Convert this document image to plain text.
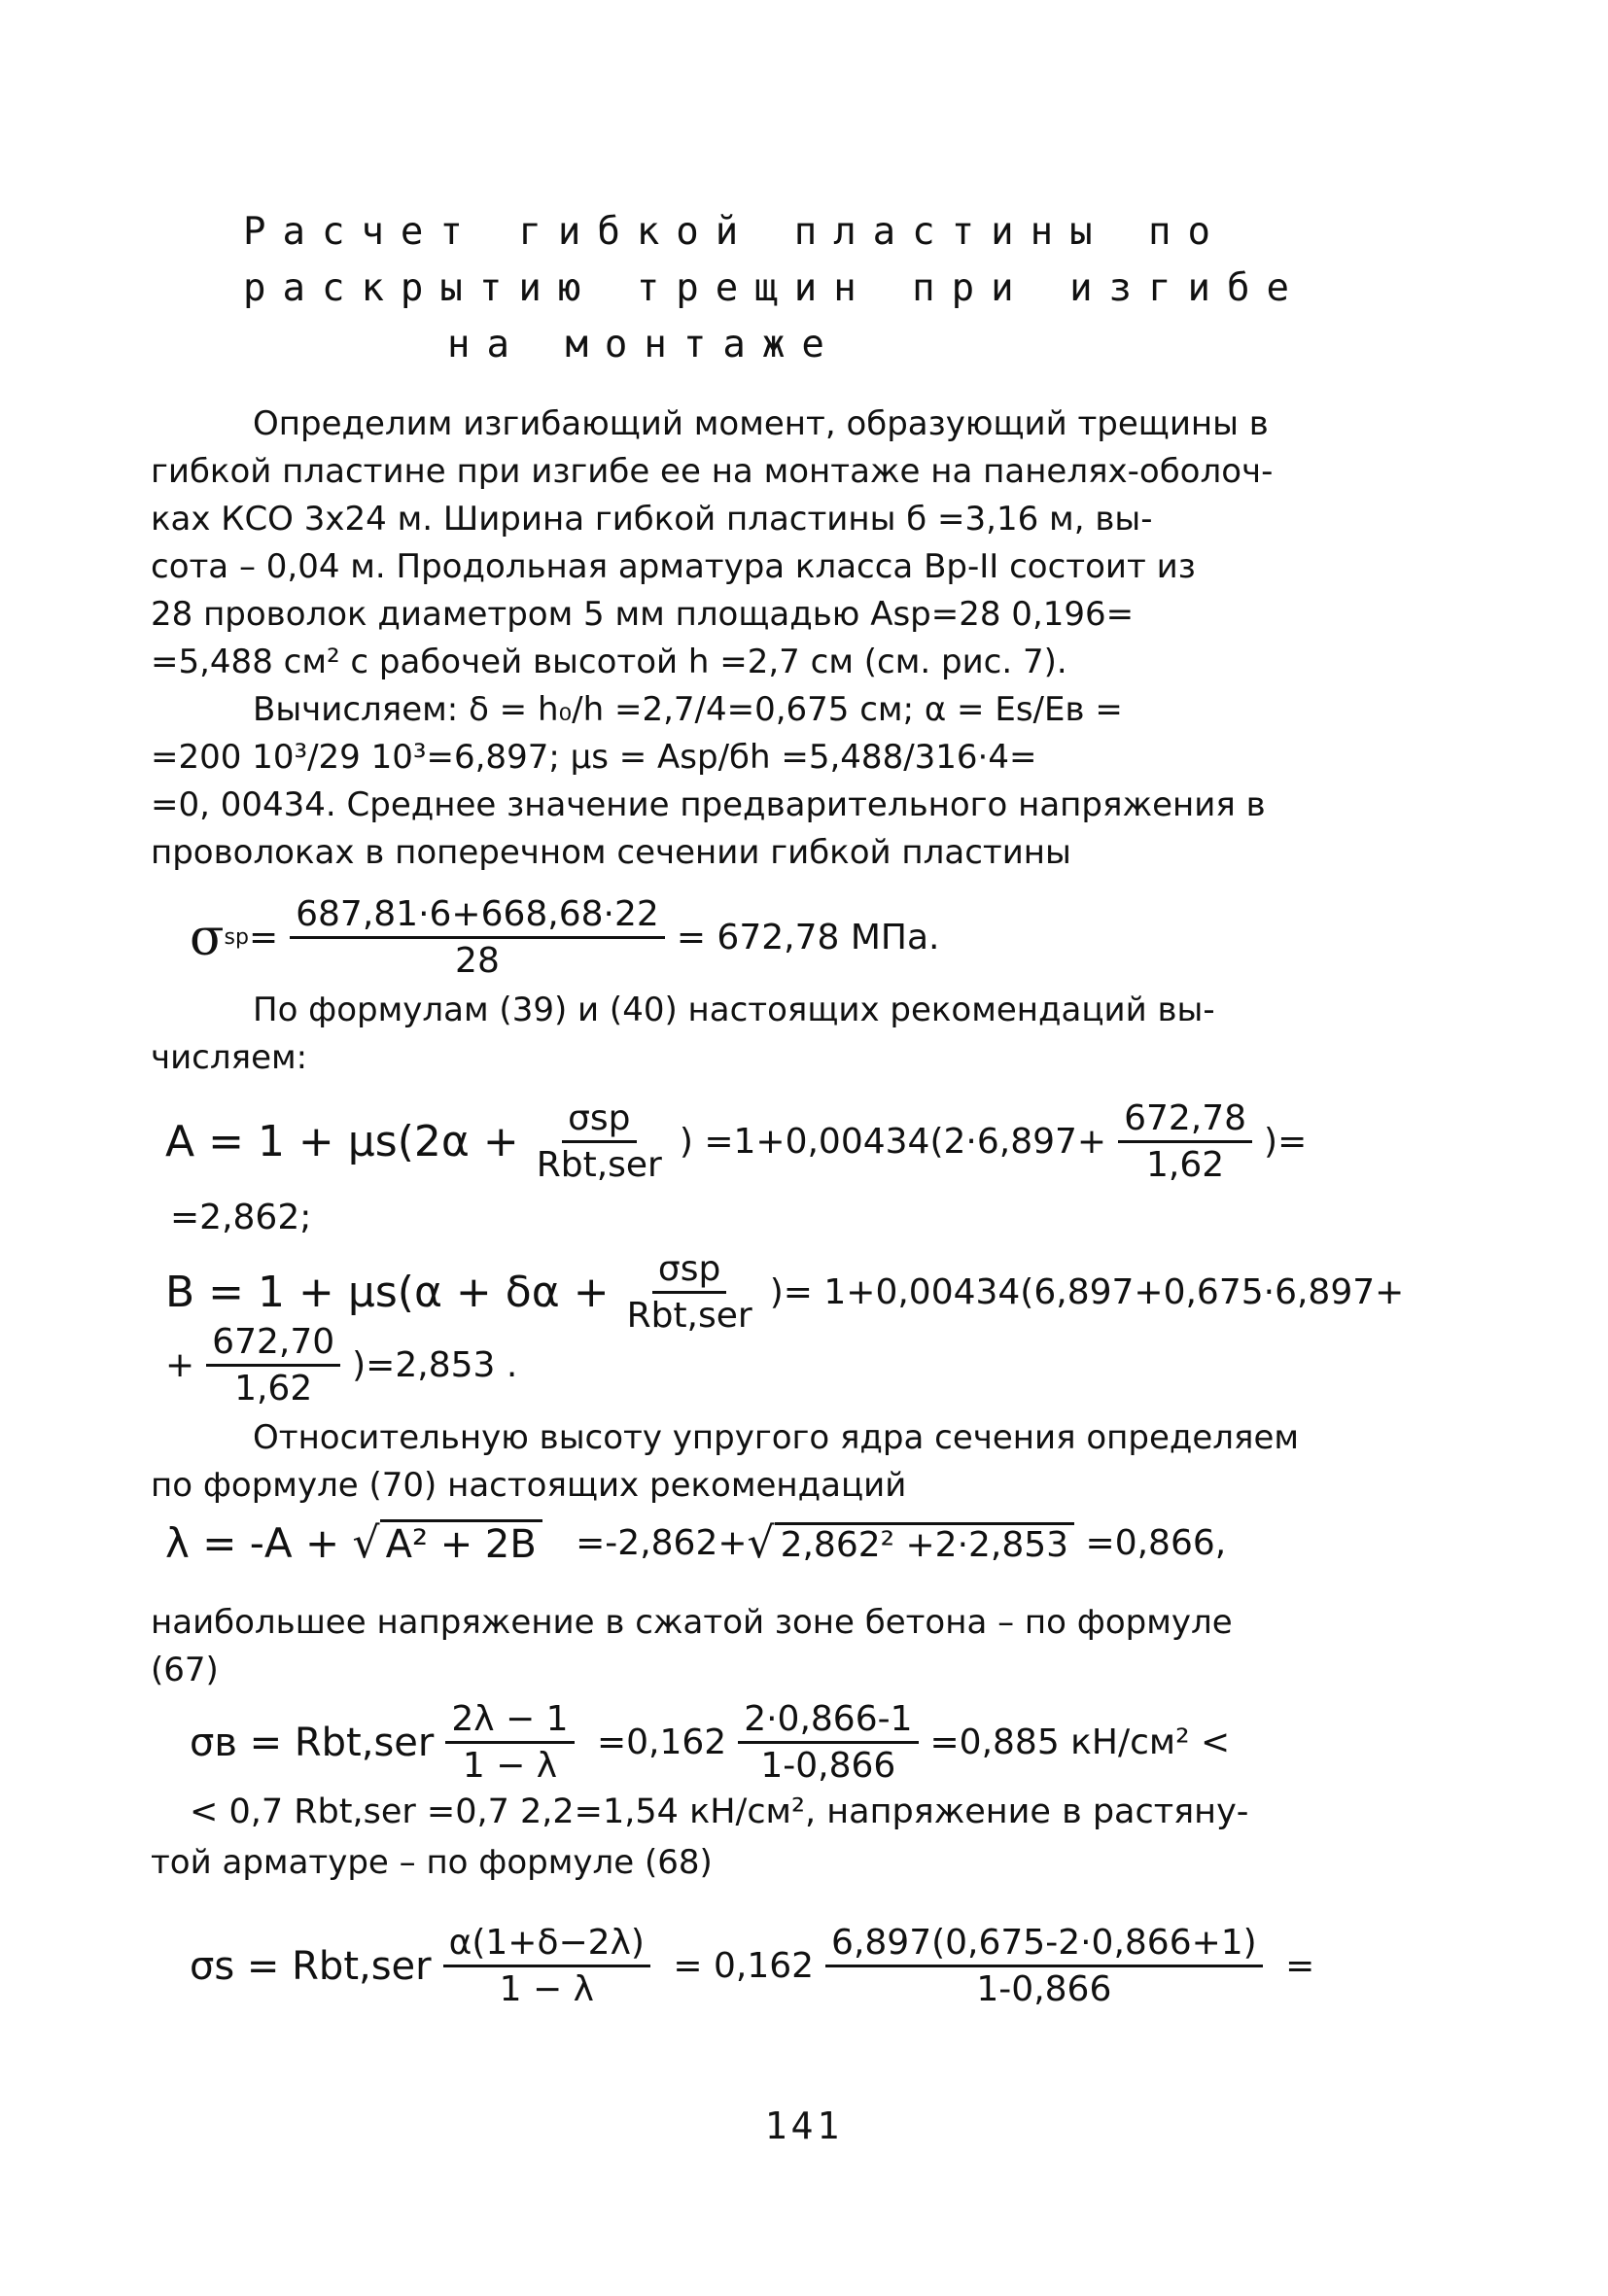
Расчет гибкой пластины по
раскрытию трещин при изгибе
на монтаже
Определим изгибающий момент, образующий трещины в
гибкой пластине при изгибе ее на монтаже на панелях-оболоч-
ках КСО 3х24 м. Ширина гибкой пластины б =3,16 м, вы-
сота – 0,04 м. Продольная арматура класса Вр-II состоит из
28 проволок диаметром 5 мм площадью Asp=28 0,196=
=5,488 см² с рабочей высотой h =2,7 см (см. рис. 7).
Вычисляем: δ = h₀/h =2,7/4=0,675 см; α = Es/Eв =
=200 10³/29 10³=6,897; μs = Asp/бh =5,488/316·4=
=0, 00434. Среднее значение предварительного напряжения в
проволоках в поперечном сечении гибкой пластины
σ sp = $\frac{687,81\cdot 6+668,68\cdot 22}{28} = 672,78$ МПа.
По формулам (39) и (40) настоящих рекомендаций вы-
числяем:
$A = 1 + \mu s(2\alpha + \frac{\text{σsp}}{\text{Rbt,ser}}$ ) $=1+0,00434(2\cdot 6,897+ \frac{672,78}{1,62}$ )=
=2,862;
$B = 1 + \mu s(\alpha + \delta\alpha + \frac{\text{σsp}}{\text{Rbt,ser}}$ )= 1+0,00434(6,897+0,675·6,897+
+ $\frac{672,70}{1,62} )=2,853$ .
Относительную высоту упругого ядра сечения определяем
по формуле (70) настоящих рекомендаций
λ = -A + √ A² + 2B =-2,862+ √ 2,862² +2·2,853 =0,866,
наибольшее напряжение в сжатой зоне бетона – по формуле
(67)
$\sigma в = Rbt,ser \frac{2\lambda - 1}{1 - \lambda} =0,162 \frac{2\cdot 0,866-1}{1-0,866} =0,885$ кН/см² <
< 0,7 Rbt,ser =0,7 2,2=1,54 кН/см², напряжение в растяну-
той арматуре – по формуле (68)
$\sigma s = Rbt,ser \frac{\alpha(1+\delta-2\lambda)}{1 - \lambda} = 0,162 \frac{6,897(0,675-2\cdot 0,866+1)}{1-0,866}$ =
141
